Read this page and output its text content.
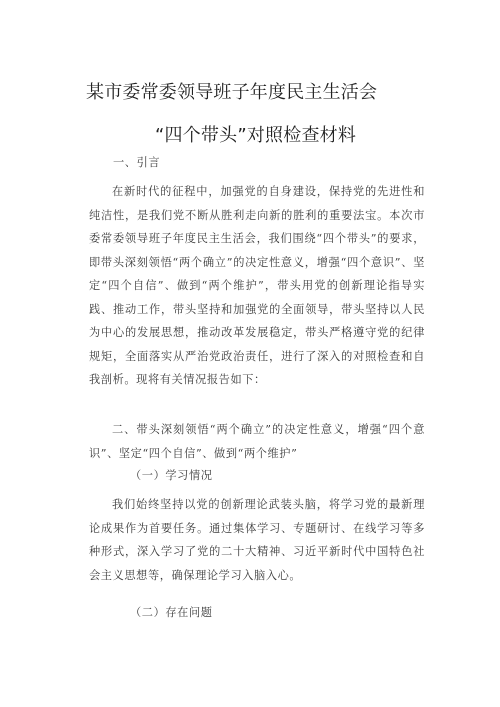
某市委常委领导班子年度民主生活会
“四个带头”对照检查材料

一、引言

在新时代的征程中，加强党的自身建设，保持党的先进性和纯洁性，是我们党不断从胜利走向新的胜利的重要法宝。本次市委常委领导班子年度民主生活会，我们围绕“四个带头”的要求，即带头深刻领悟“两个确立”的决定性意义，增强“四个意识”、坚定“四个自信”、做到“两个维护”，带头用党的创新理论指导实践、推动工作，带头坚持和加强党的全面领导，带头坚持以人民为中心的发展思想，推动改革发展稳定，带头严格遵守党的纪律规矩，全面落实从严治党政治责任，进行了深入的对照检查和自我剖析。现将有关情况报告如下：

二、带头深刻领悟“两个确立”的决定性意义，增强“四个意识”、坚定“四个自信”、做到“两个维护”

（一）学习情况

我们始终坚持以党的创新理论武装头脑，将学习党的最新理论成果作为首要任务。通过集体学习、专题研讨、在线学习等多种形式，深入学习了党的二十大精神、习近平新时代中国特色社会主义思想等，确保理论学习入脑入心。

（二）存在问题
